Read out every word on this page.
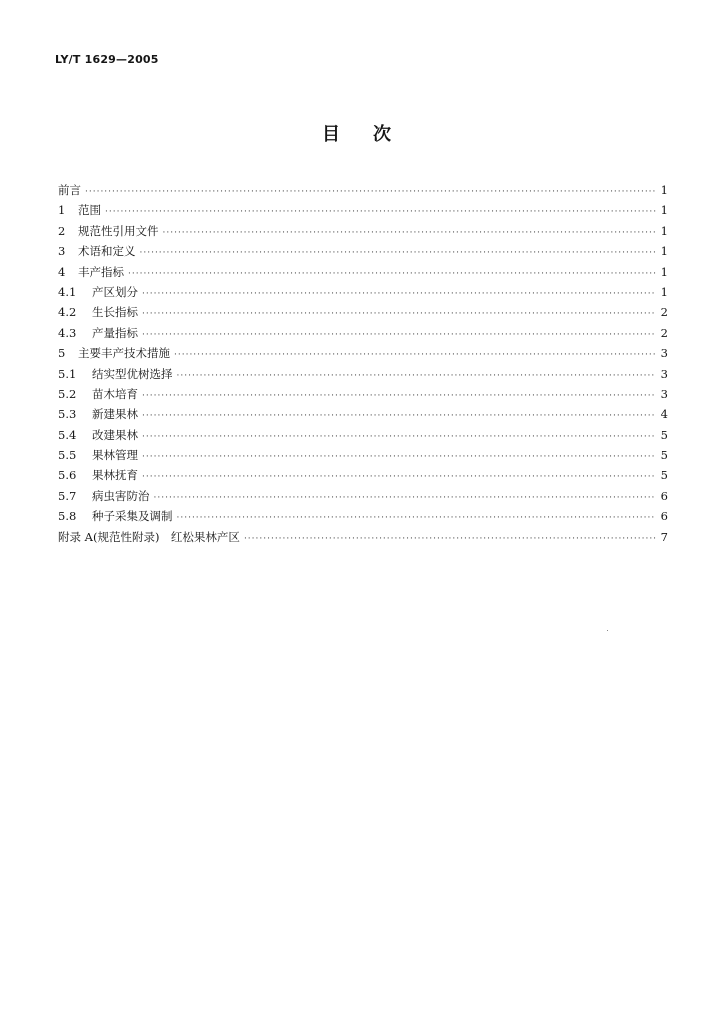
LY/T 1629—2005
目次
前言 ·····	1
1	范围 ·····	1
2	规范性引用文件 ·····	1
3	术语和定义 ·····	1
4	丰产指标 ·····	1
4.1	产区划分 ·····	1
4.2	生长指标 ·····	2
4.3	产量指标 ·····	2
5	主要丰产技术措施 ·····	3
5.1	结实型优树选择 ·····	3
5.2	苗木培育 ·····	3
5.3	新建果林 ·····	4
5.4	改建果林 ·····	5
5.5	果林管理 ·····	5
5.6	果林抚育 ·····	5
5.7	病虫害防治 ·····	6
5.8	种子采集及调制 ·····	6
附录 A(规范性附录)　红松果林产区 ·····	7
